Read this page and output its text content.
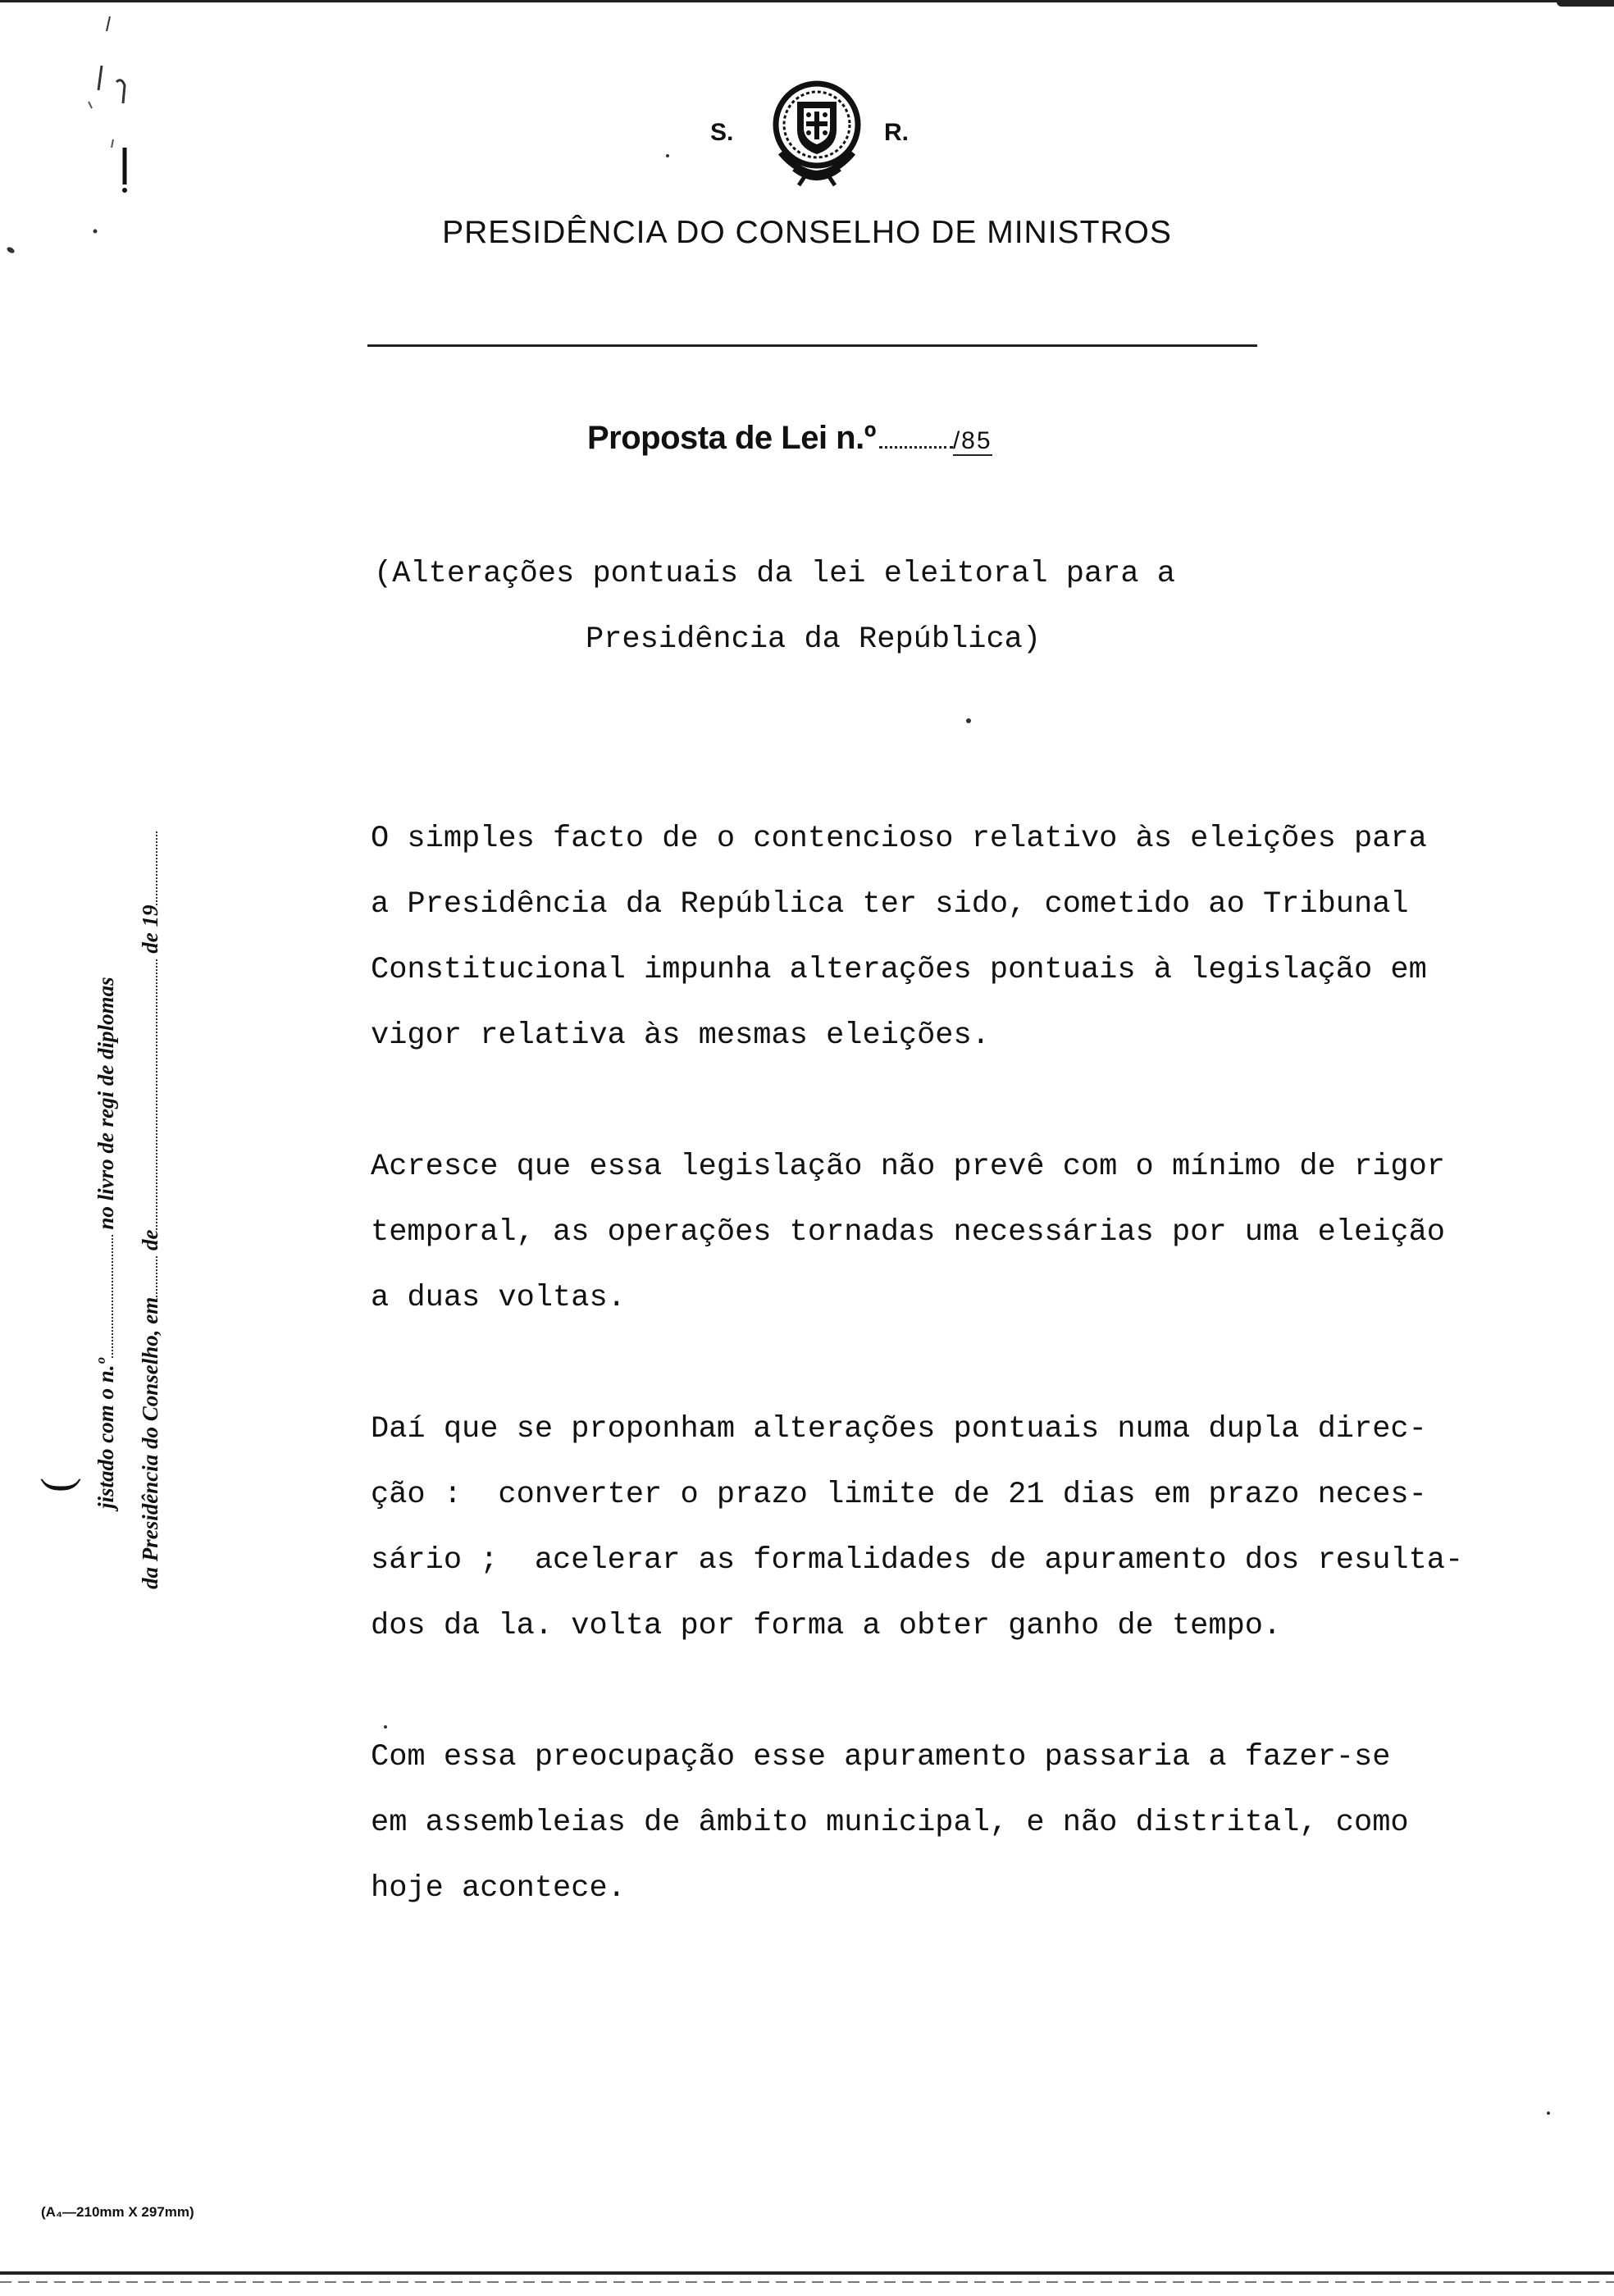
S.	R.
PRESIDÊNCIA DO CONSELHO DE MINISTROS
Proposta de Lei n.º	/85
(Alterações pontuais da lei eleitoral para a
Presidência da República)

O simples facto de o contencioso relativo às eleições para
a Presidência da República ter sido, cometido ao Tribunal
Constitucional impunha alterações pontuais à legislação em
vigor relativa às mesmas eleições.

Acresce que essa legislação não prevê com o mínimo de rigor
temporal, as operações tornadas necessárias por uma eleição
a duas voltas.

Daí que se proponham alterações pontuais numa dupla direc-
ção :  converter o prazo limite de 21 dias em prazo neces-
sário ;  acelerar as formalidades de apuramento dos resulta-
dos da la. volta por forma a obter ganho de tempo.

Com essa preocupação esse apuramento passaria a fazer-se
em assembleias de âmbito municipal, e não distrital, como
hoje acontece.

( jistado com o n.º no livro de regi de diplomas
da Presidência do Conselho, em de de 19
(A₄—210mm X 297mm)
